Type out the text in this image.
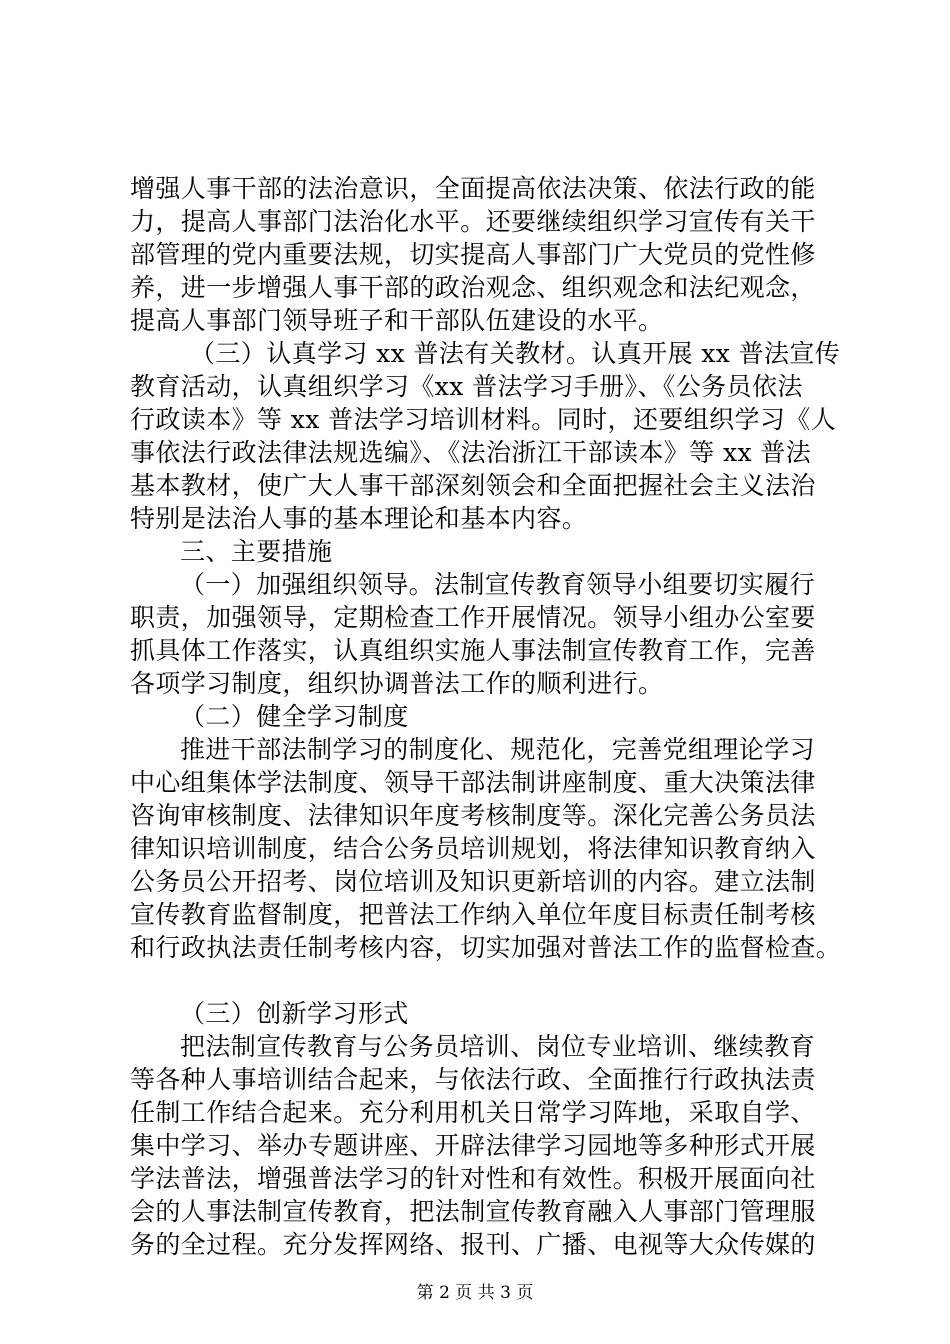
增强人事干部的法治意识，全面提高依法决策、依法行政的能
力，提高人事部门法治化水平。还要继续组织学习宣传有关干
部管理的党内重要法规，切实提高人事部门广大党员的党性修
养，进一步增强人事干部的政治观念、组织观念和法纪观念，
提高人事部门领导班子和干部队伍建设的水平。
（三）认真学习 xx 普法有关教材。认真开展 xx 普法宣传
教育活动，认真组织学习《xx 普法学习手册》、《公务员依法
行政读本》等 xx 普法学习培训材料。同时，还要组织学习《人
事依法行政法律法规选编》、《法治浙江干部读本》等 xx 普法
基本教材，使广大人事干部深刻领会和全面把握社会主义法治
特别是法治人事的基本理论和基本内容。
三、主要措施
（一）加强组织领导。法制宣传教育领导小组要切实履行
职责，加强领导，定期检查工作开展情况。领导小组办公室要
抓具体工作落实，认真组织实施人事法制宣传教育工作，完善
各项学习制度，组织协调普法工作的顺利进行。
（二）健全学习制度
推进干部法制学习的制度化、规范化，完善党组理论学习
中心组集体学法制度、领导干部法制讲座制度、重大决策法律
咨询审核制度、法律知识年度考核制度等。深化完善公务员法
律知识培训制度，结合公务员培训规划，将法律知识教育纳入
公务员公开招考、岗位培训及知识更新培训的内容。建立法制
宣传教育监督制度，把普法工作纳入单位年度目标责任制考核
和行政执法责任制考核内容，切实加强对普法工作的监督检查。
（三）创新学习形式
把法制宣传教育与公务员培训、岗位专业培训、继续教育
等各种人事培训结合起来，与依法行政、全面推行行政执法责
任制工作结合起来。充分利用机关日常学习阵地，采取自学、
集中学习、举办专题讲座、开辟法律学习园地等多种形式开展
学法普法，增强普法学习的针对性和有效性。积极开展面向社
会的人事法制宣传教育，把法制宣传教育融入人事部门管理服
务的全过程。充分发挥网络、报刊、广播、电视等大众传媒的
第 2 页 共 3 页
